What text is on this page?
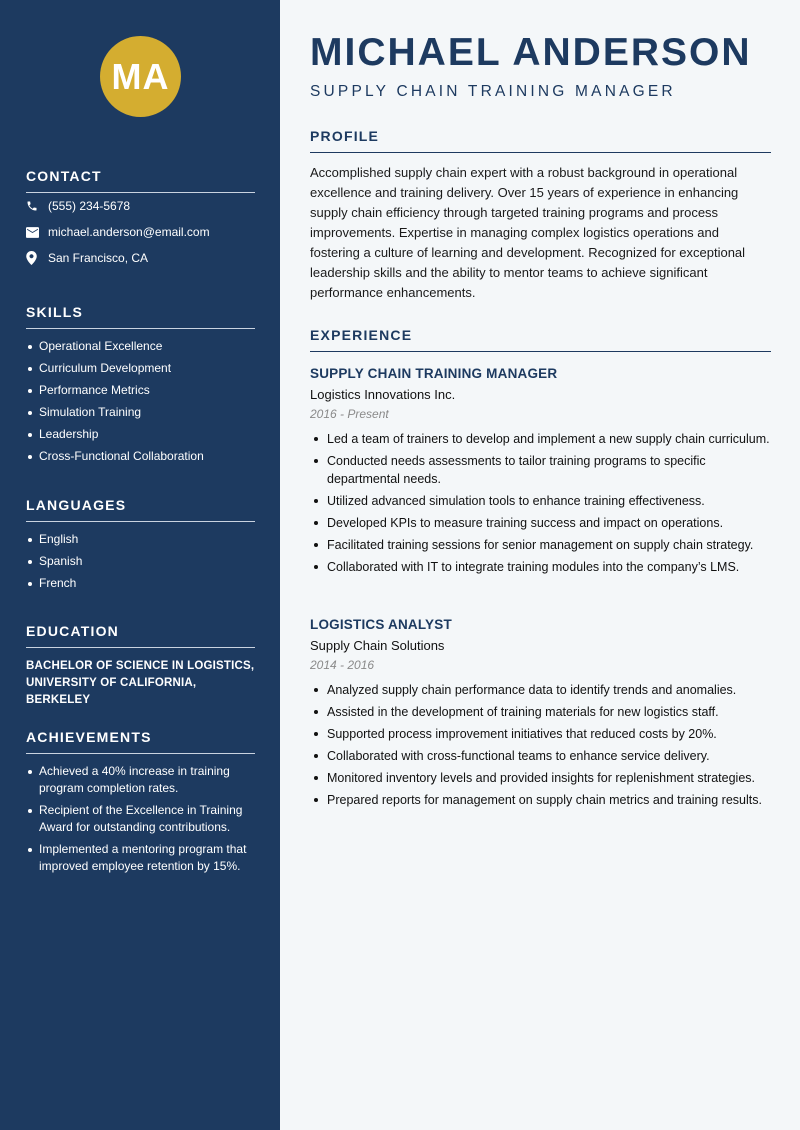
MA
CONTACT
(555) 234-5678
michael.anderson@email.com
San Francisco, CA
SKILLS
Operational Excellence
Curriculum Development
Performance Metrics
Simulation Training
Leadership
Cross-Functional Collaboration
LANGUAGES
English
Spanish
French
EDUCATION
BACHELOR OF SCIENCE IN LOGISTICS, UNIVERSITY OF CALIFORNIA, BERKELEY
ACHIEVEMENTS
Achieved a 40% increase in training program completion rates.
Recipient of the Excellence in Training Award for outstanding contributions.
Implemented a mentoring program that improved employee retention by 15%.
MICHAEL ANDERSON
SUPPLY CHAIN TRAINING MANAGER
PROFILE
Accomplished supply chain expert with a robust background in operational excellence and training delivery. Over 15 years of experience in enhancing supply chain efficiency through targeted training programs and process improvements. Expertise in managing complex logistics operations and fostering a culture of learning and development. Recognized for exceptional leadership skills and the ability to mentor teams to achieve significant performance enhancements.
EXPERIENCE
SUPPLY CHAIN TRAINING MANAGER
Logistics Innovations Inc.
2016 - Present
Led a team of trainers to develop and implement a new supply chain curriculum.
Conducted needs assessments to tailor training programs to specific departmental needs.
Utilized advanced simulation tools to enhance training effectiveness.
Developed KPIs to measure training success and impact on operations.
Facilitated training sessions for senior management on supply chain strategy.
Collaborated with IT to integrate training modules into the company’s LMS.
LOGISTICS ANALYST
Supply Chain Solutions
2014 - 2016
Analyzed supply chain performance data to identify trends and anomalies.
Assisted in the development of training materials for new logistics staff.
Supported process improvement initiatives that reduced costs by 20%.
Collaborated with cross-functional teams to enhance service delivery.
Monitored inventory levels and provided insights for replenishment strategies.
Prepared reports for management on supply chain metrics and training results.
